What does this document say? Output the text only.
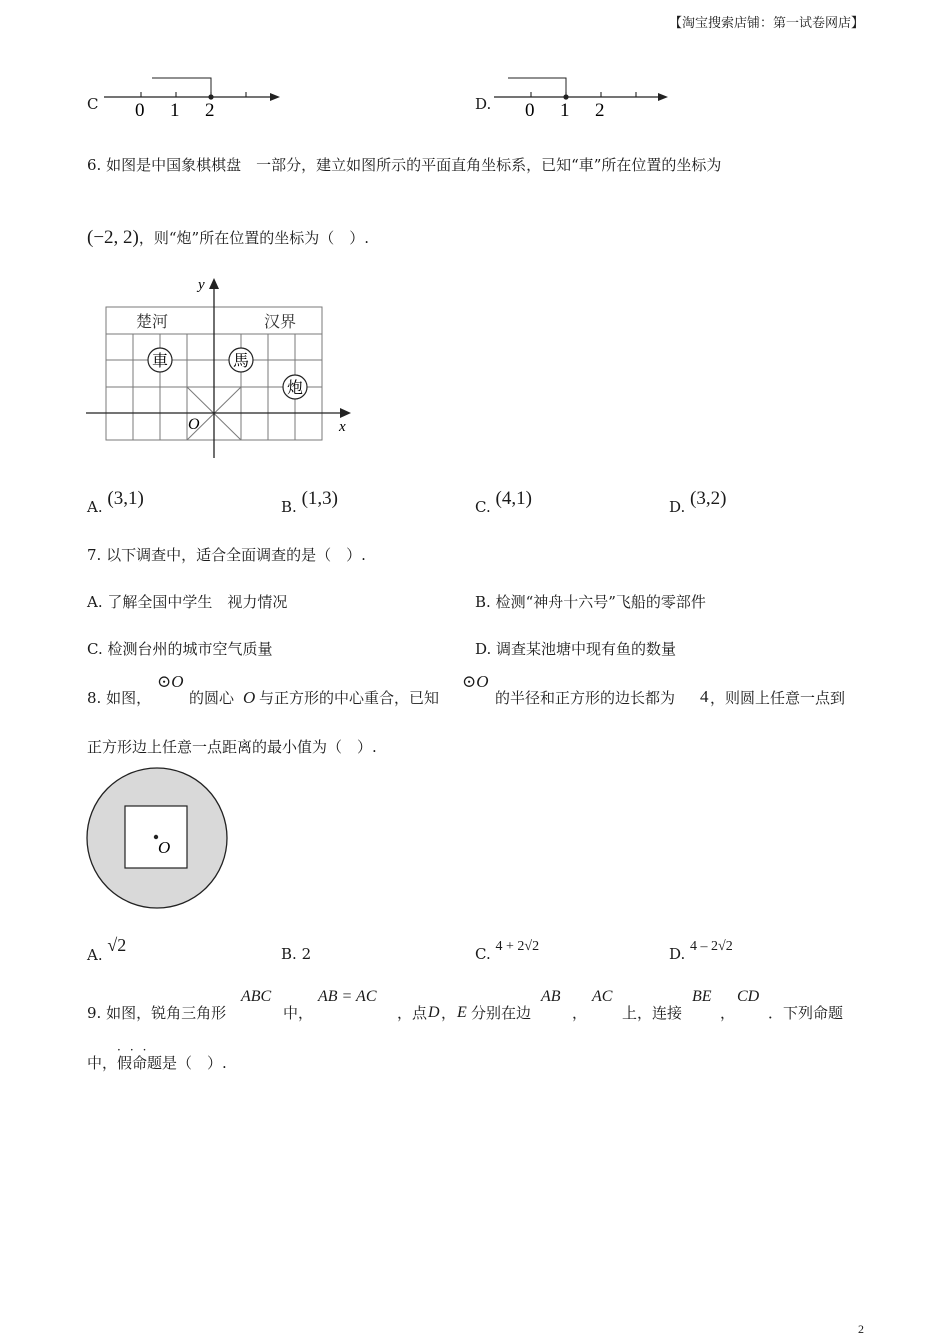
【淘宝搜索店铺：第一试卷网店】
C 0 1 2	D. 0 1 2
6. 如图是中国象棋棋盘　一部分，建立如图所示的平面直角坐标系，已知“車”所在位置的坐标为
(−2, 2)，则“炮”所在位置的坐标为（　）.
y
x
O
楚河	汉界
車	馬
炮
A. (3,1)	B. (1,3)	C. (4,1)	D. (3,2)
7. 以下调查中，适合全面调查的是（　）.
A. 了解全国中学生　视力情况	B. 检测“神舟十六号”飞船的零部件
C. 检测台州的城市空气质量	D. 调查某池塘中现有鱼的数量
8. 如图，
⊙O
的圆心 O 与正方形的中心重合，已知
⊙O
的半径和正方形的边长都为 4 ，则圆上任意一点到
正方形边上任意一点距离的最小值为（　）.
O
A. √2	B. 2	C. 4 + 2√2	D. 4 – 2√2
9. 如图，锐角三角形
ABC
中，
AB = AC
，点 D ， E 分别在边
AB
，
AC
上，连接
BE
，
CD
．下列命题
中，假命题
···
是（　）.
2
